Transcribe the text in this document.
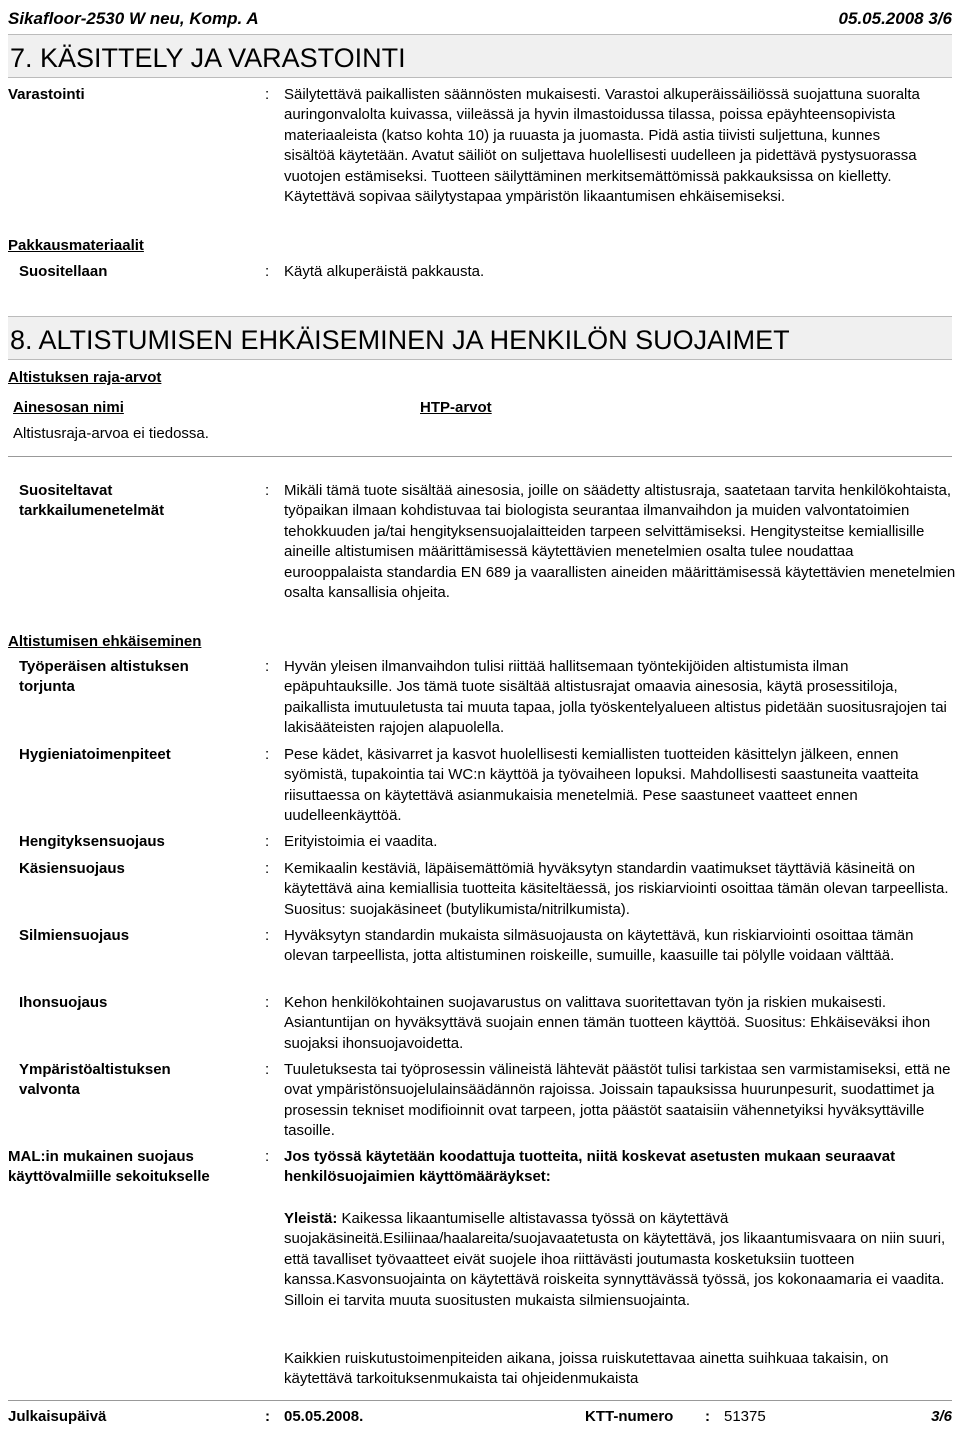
Sikafloor-2530 W neu, Komp. A	05.05.2008 3/6
7. KÄSITTELY JA VARASTOINTI
Varastointi	: Säilytettävä paikallisten säännösten mukaisesti. Varastoi alkuperäissäiliössä suojattuna suoralta auringonvalolta kuivassa, viileässä ja hyvin ilmastoidussa tilassa, poissa epäyhteensopivista materiaaleista (katso kohta 10) ja ruuasta ja juomasta. Pidä astia tiivisti suljettuna, kunnes sisältöä käytetään. Avatut säiliöt on suljettava huolellisesti uudelleen ja pidettävä pystysuorassa vuotojen estämiseksi. Tuotteen säilyttäminen merkitsemättömissä pakkauksissa on kielletty. Käytettävä sopivaa säilytystapaa ympäristön likaantumisen ehkäisemiseksi.
Pakkausmateriaalit
Suositellaan	: Käytä alkuperäistä pakkausta.
8. ALTISTUMISEN EHKÄISEMINEN JA HENKILÖN SUOJAIMET
Altistuksen raja-arvot
Ainesosan nimi	HTP-arvot
Altistusraja-arvoa ei tiedossa.
Suositeltavat
tarkkailumenetelmät
: Mikäli tämä tuote sisältää ainesosia, joille on säädetty altistusraja, saatetaan tarvita henkilökohtaista, työpaikan ilmaan kohdistuvaa tai biologista seurantaa ilmanvaihdon ja muiden valvontatoimien tehokkuuden ja/tai hengityksensuojalaitteiden tarpeen selvittämiseksi. Hengitysteitse kemiallisille aineille altistumisen määrittämisessä käytettävien menetelmien osalta tulee noudattaa eurooppalaista standardia EN 689 ja vaarallisten aineiden määrittämisessä käytettävien menetelmien osalta kansallisia ohjeita.
Altistumisen ehkäiseminen
Työperäisen altistuksen
torjunta
: Hyvän yleisen ilmanvaihdon tulisi riittää hallitsemaan työntekijöiden altistumista ilman epäpuhtauksille. Jos tämä tuote sisältää altistusrajat omaavia ainesosia, käytä prosessitiloja, paikallista imutuuletusta tai muuta tapaa, jolla työskentelyalueen altistus pidetään suositusrajojen tai lakisääteisten rajojen alapuolella.
Hygieniatoimenpiteet	: Pese kädet, käsivarret ja kasvot huolellisesti kemiallisten tuotteiden käsittelyn jälkeen, ennen syömistä, tupakointia tai WC:n käyttöä ja työvaiheen lopuksi. Mahdollisesti saastuneita vaatteita riisuttaessa on käytettävä asianmukaisia menetelmiä. Pese saastuneet vaatteet ennen uudelleenkäyttöä.
Hengityksensuojaus	: Erityistoimia ei vaadita.
Käsiensuojaus	: Kemikaalin kestäviä, läpäisemättömiä hyväksytyn standardin vaatimukset täyttäviä käsineitä on käytettävä aina kemiallisia tuotteita käsiteltäessä, jos riskiarviointi osoittaa tämän olevan tarpeellista. Suositus: suojakäsineet (butylikumista/nitrilkumista).
Silmiensuojaus	: Hyväksytyn standardin mukaista silmäsuojausta on käytettävä, kun riskiarviointi osoittaa tämän olevan tarpeellista, jotta altistuminen roiskeille, sumuille, kaasuille tai pölylle voidaan välttää.
Ihonsuojaus	: Kehon henkilökohtainen suojavarustus on valittava suoritettavan työn ja riskien mukaisesti. Asiantuntijan on hyväksyttävä suojain ennen tämän tuotteen käyttöä. Suositus: Ehkäiseväksi ihon suojaksi ihonsuojavoidetta.
Ympäristöaltistuksen
valvonta
: Tuuletuksesta tai työprosessin välineistä lähtevät päästöt tulisi tarkistaa sen varmistamiseksi, että ne ovat ympäristönsuojelulainsäädännön rajoissa. Joissain tapauksissa huurunpesurit, suodattimet ja prosessin tekniset modifioinnit ovat tarpeen, jotta päästöt saataisiin vähennetyiksi hyväksyttäville tasoille.
MAL:in mukainen suojaus
käyttövalmiille sekoitukselle
: Jos työssä käytetään koodattuja tuotteita, niitä koskevat asetusten mukaan seuraavat henkilösuojaimien käyttömääräykset:
Yleistä: Kaikessa likaantumiselle altistavassa työssä on käytettävä suojakäsineitä.Esiliinaa/haalareita/suojavaatetusta on käytettävä, jos likaantumisvaara on niin suuri, että tavalliset työvaatteet eivät suojele ihoa riittävästi joutumasta kosketuksiin tuotteen kanssa.Kasvonsuojainta on käytettävä roiskeita synnyttävässä työssä, jos kokonaamaria ei vaadita. Silloin ei tarvita muuta suositusten mukaista silmiensuojainta.
Kaikkien ruiskutustoimenpiteiden aikana, joissa ruiskutettavaa ainetta suihkuaa takaisin, on käytettävä tarkoituksenmukaista tai ohjeidenmukaista
Julkaisupäivä	: 05.05.2008.	KTT-numero : 51375	3/6
